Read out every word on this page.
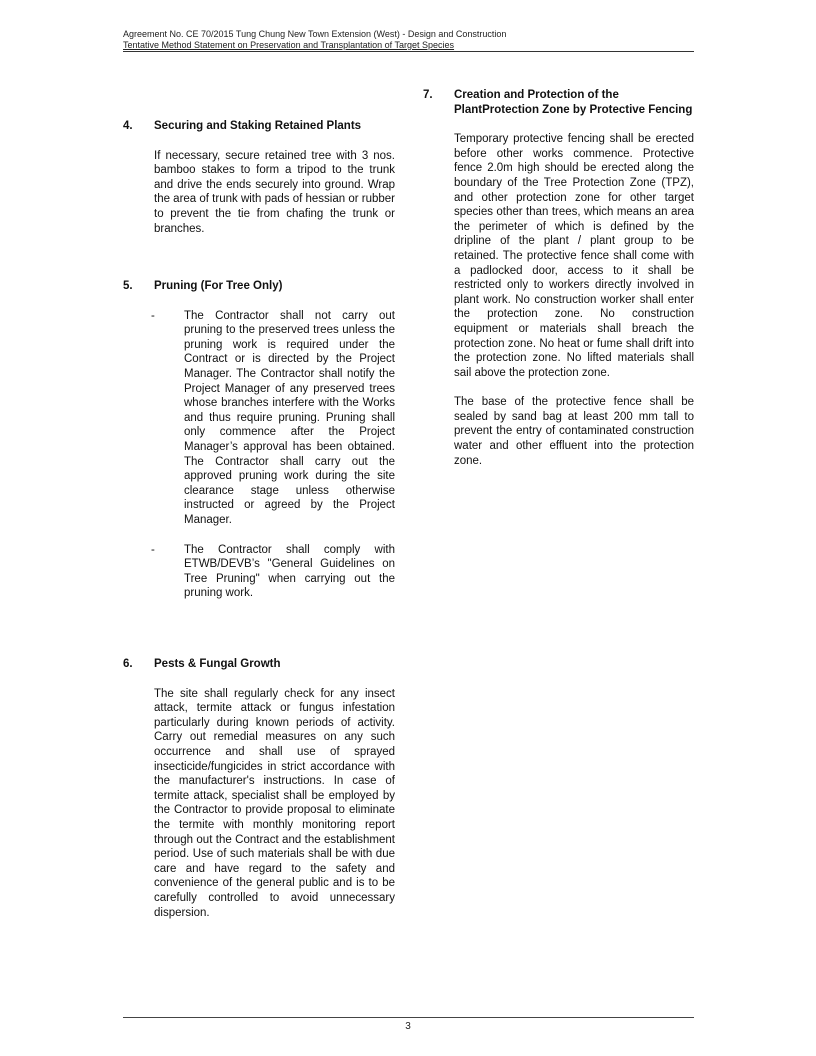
Agreement No. CE 70/2015 Tung Chung New Town Extension (West) - Design and Construction
Tentative Method Statement on Preservation and Transplantation of Target Species
4.	Securing and Staking Retained Plants

If necessary, secure retained tree with 3 nos. bamboo stakes to form a tripod to the trunk and drive the ends securely into ground. Wrap the area of trunk with pads of hessian or rubber to prevent the tie from chafing the trunk or branches.

5.	Pruning (For Tree Only)
-	The Contractor shall not carry out pruning to the preserved trees unless the pruning work is required under the Contract or is directed by the Project Manager. The Contractor shall notify the Project Manager of any preserved trees whose branches interfere with the Works and thus require pruning. Pruning shall only commence after the Project Manager’s approval has been obtained. The Contractor shall carry out the approved pruning work during the site clearance stage unless otherwise instructed or agreed by the Project Manager.
-	The Contractor shall comply with ETWB/DEVB’s "General Guidelines on Tree Pruning" when carrying out the pruning work.
6.	Pests & Fungal Growth

The site shall regularly check for any insect attack, termite attack or fungus infestation particularly during known periods of activity. Carry out remedial measures on any such occurrence and shall use of sprayed insecticide/fungicides in strict accordance with the manufacturer's instructions. In case of termite attack, specialist shall be employed by the Contractor to provide proposal to eliminate the termite with monthly monitoring report through out the Contract and the establishment period. Use of such materials shall be with due care and have regard to the safety and convenience of the general public and is to be carefully controlled to avoid unnecessary dispersion.

7.	Creation and Protection of the PlantProtection Zone by Protective Fencing

Temporary protective fencing shall be erected before other works commence. Protective fence 2.0m high should be erected along the boundary of the Tree Protection Zone (TPZ), and other protection zone for other target species other than trees, which means an area the perimeter of which is defined by the dripline of the plant / plant group to be retained. The protective fence shall come with a padlocked door, access to it shall be restricted only to workers directly involved in plant work. No construction worker shall enter the protection zone. No construction equipment or materials shall breach the protection zone. No heat or fume shall drift into the protection zone. No lifted materials shall sail above the protection zone.

The base of the protective fence shall be sealed by sand bag at least 200 mm tall to prevent the entry of contaminated construction water and other effluent into the protection zone.

3
